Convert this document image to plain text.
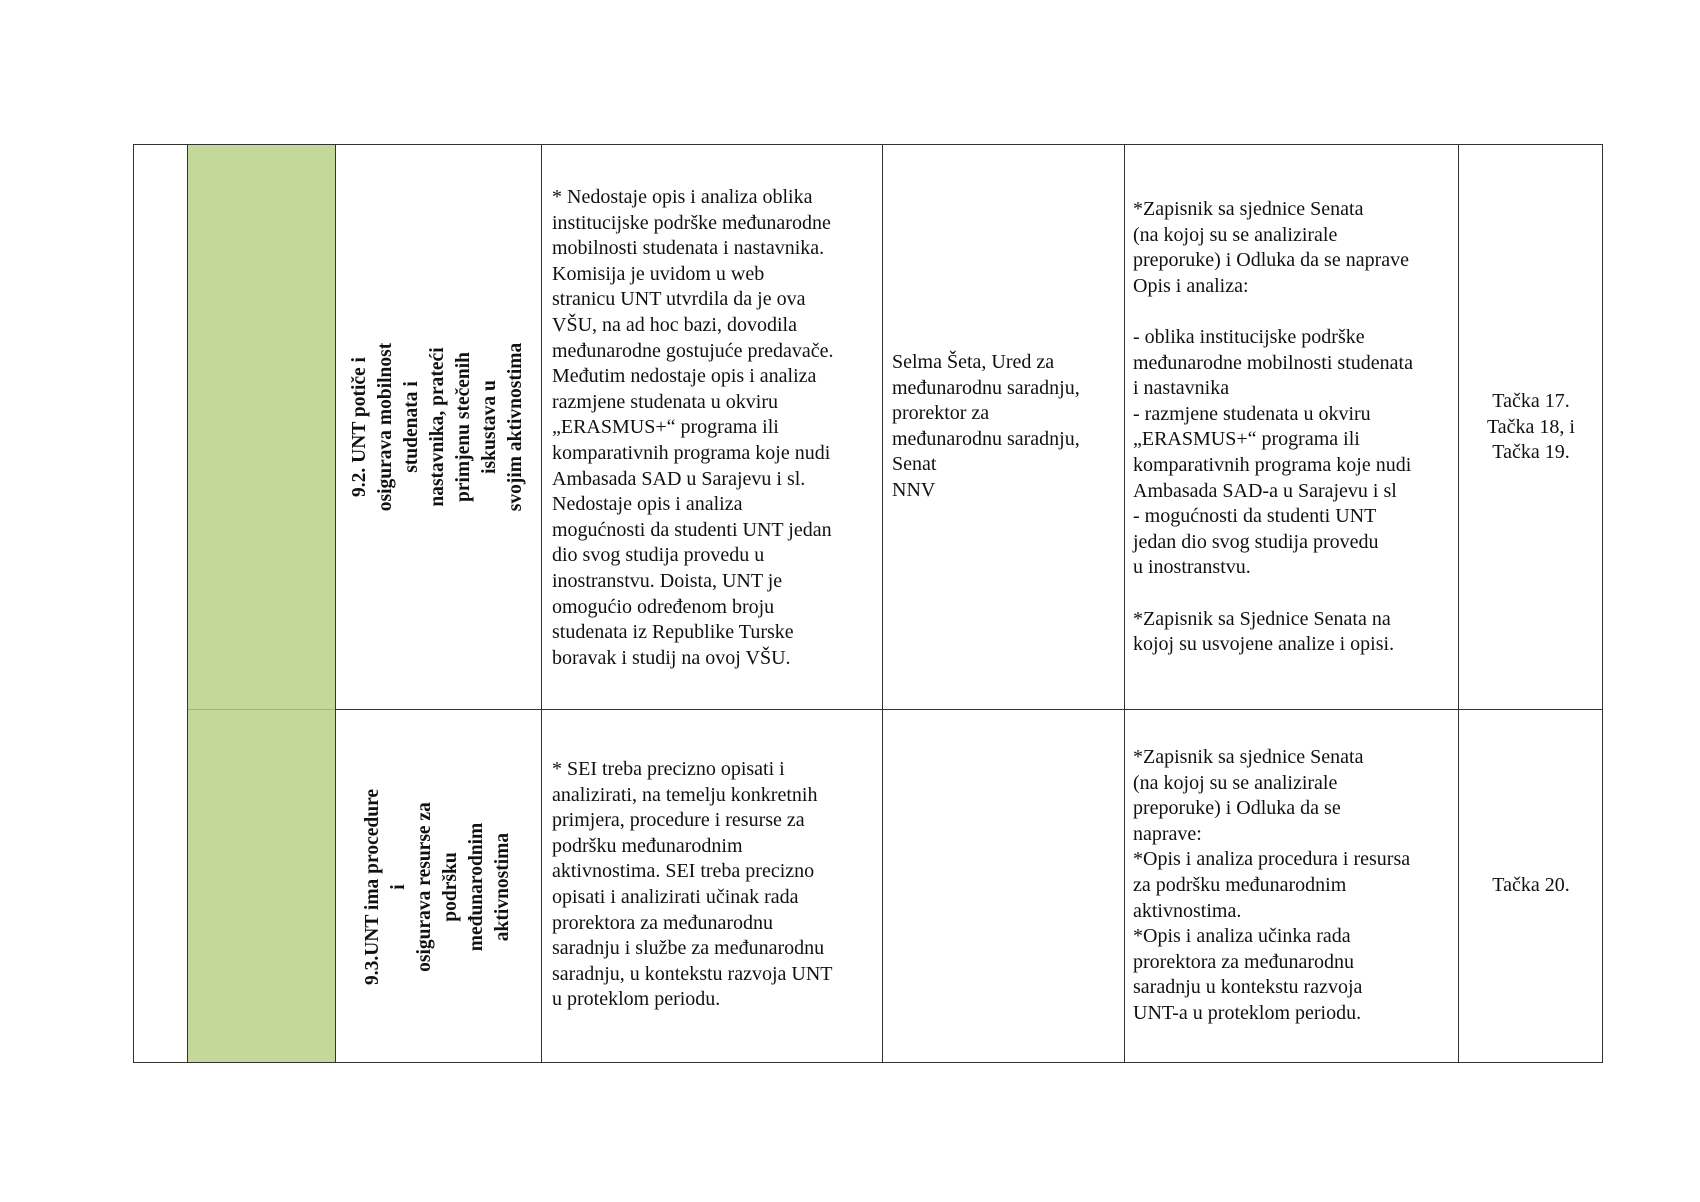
9.2. UNT potiče i osigurava mobilnost studenata i
nastavnika, prateći primjenu stečenih iskustava u
svojim aktivnostima
* Nedostaje opis i analiza oblika
institucijske podrške međunarodne
mobilnosti studenata i nastavnika.
Komisija je uvidom u web
stranicu UNT utvrdila da je ova
VŠU, na ad hoc bazi, dovodila
međunarodne gostujuće predavače.
Međutim nedostaje opis i analiza
razmjene studenata u okviru
„ERASMUS+“ programa ili
komparativnih programa koje nudi
Ambasada SAD u Sarajevu i sl.
Nedostaje opis i analiza
mogućnosti da studenti UNT jedan
dio svog studija provedu u
inostranstvu. Doista, UNT je
omogućio određenom broju
studenata iz Republike Turske
boravak i studij na ovoj VŠU.
Selma Šeta, Ured za
međunarodnu saradnju,
prorektor za
međunarodnu saradnju,
Senat
NNV
*Zapisnik sa sjednice Senata
(na kojoj su se analizirale
preporuke) i Odluka da se naprave
Opis i analiza:

- oblika institucijske podrške
međunarodne mobilnosti studenata
i nastavnika
- razmjene studenata u okviru
„ERASMUS+“ programa ili
komparativnih programa koje nudi
Ambasada SAD-a u Sarajevu i sl
- mogućnosti da studenti UNT
jedan dio svog studija provedu
u inostranstvu.

*Zapisnik sa Sjednice Senata na
kojoj su usvojene analize i opisi.
Tačka 17.
Tačka 18, i
Tačka 19.
9.3.UNT ima procedure i
osigurava resurse za podršku
međunarodnim aktivnostima
* SEI treba precizno opisati i
analizirati, na temelju konkretnih
primjera, procedure i resurse za
podršku međunarodnim
aktivnostima. SEI treba precizno
opisati i analizirati učinak rada
prorektora za međunarodnu
saradnju i službe za međunarodnu
saradnju, u kontekstu razvoja UNT
u proteklom periodu.
*Zapisnik sa sjednice Senata
(na kojoj su se analizirale
preporuke) i Odluka da se
naprave:
*Opis i analiza procedura i resursa
za podršku međunarodnim
aktivnostima.
*Opis i analiza učinka rada
prorektora za međunarodnu
saradnju u kontekstu razvoja
UNT-a u proteklom periodu.
Tačka 20.
